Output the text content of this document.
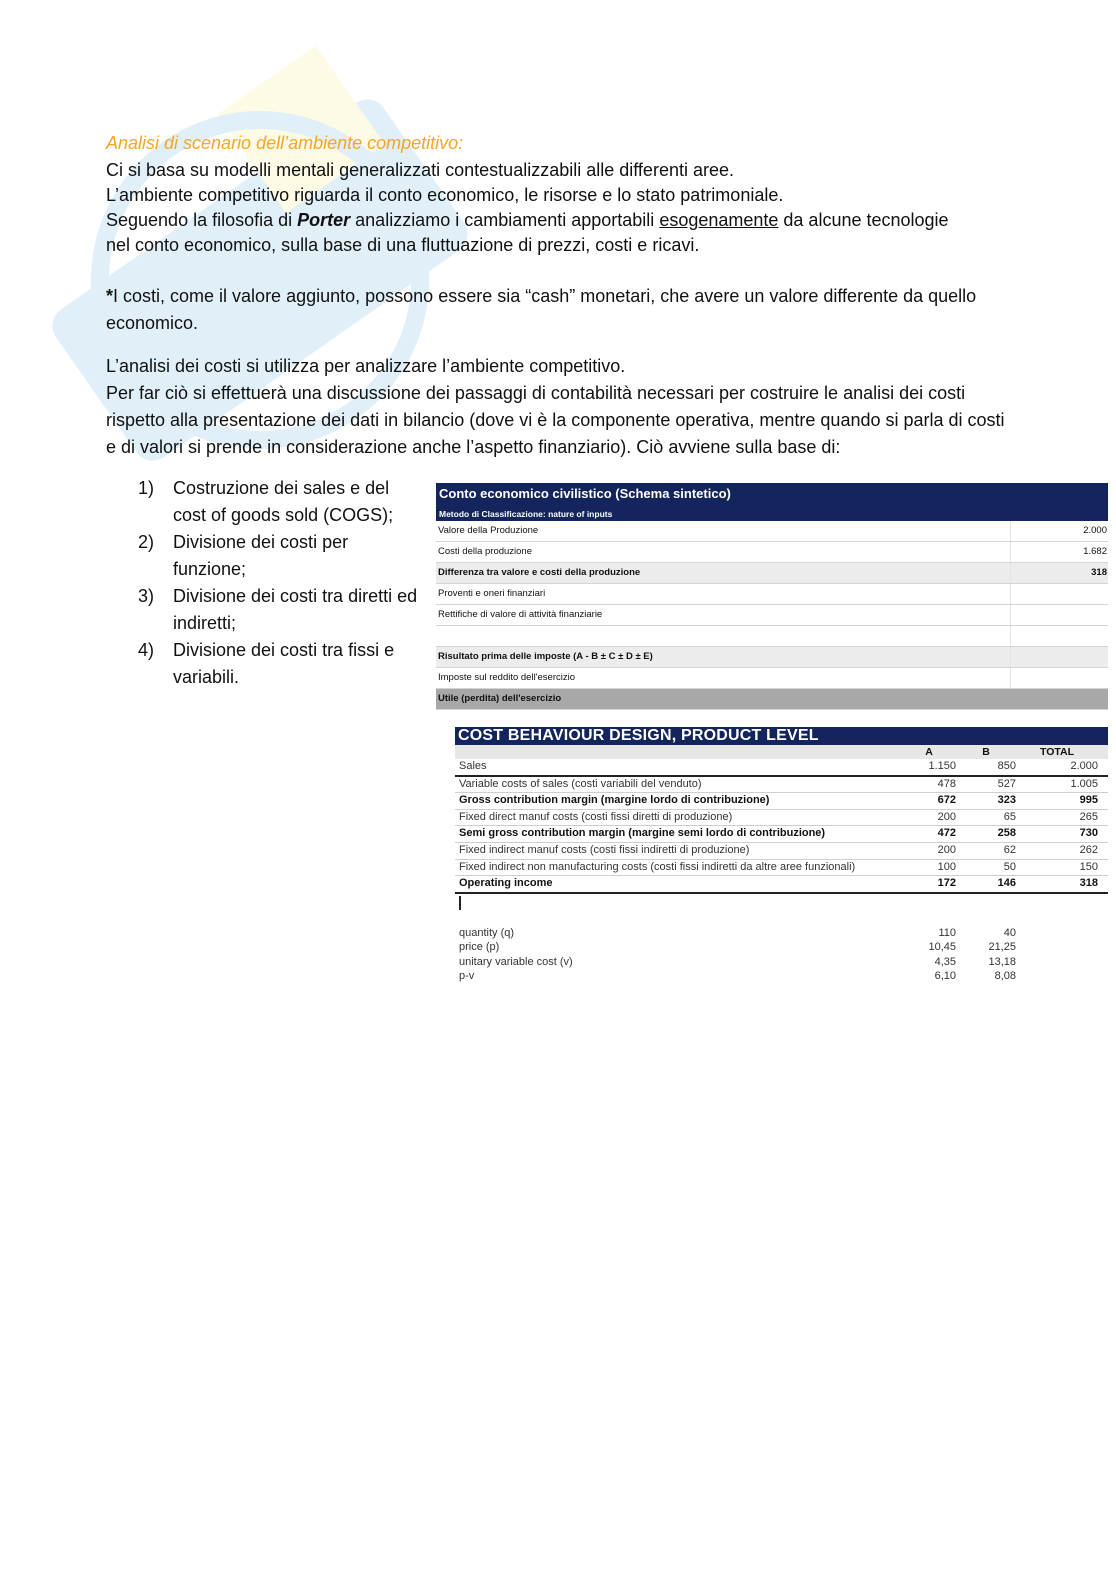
Analisi di scenario dell’ambiente competitivo:
Ci si basa su modelli mentali generalizzati contestualizzabili alle differenti aree.
L’ambiente competitivo riguarda il conto economico, le risorse e lo stato patrimoniale.
Seguendo la filosofia di Porter analizziamo i cambiamenti apportabili esogenamente da alcune tecnologie
nel conto economico, sulla base di una fluttuazione di prezzi, costi e ricavi.
*I costi, come il valore aggiunto, possono essere sia “cash” monetari, che avere un valore differente da quello economico.
L’analisi dei costi si utilizza per analizzare l’ambiente competitivo.
Per far ciò si effettuerà una discussione dei passaggi di contabilità necessari per costruire le analisi dei costi rispetto alla presentazione dei dati in bilancio (dove vi è la componente operativa, mentre quando si parla di costi e di valori si prende in considerazione anche l’aspetto finanziario). Ciò avviene sulla base di:
1)	Costruzione dei sales e del cost of goods sold (COGS);
2)	Divisione dei costi per funzione;
3)	Divisione dei costi tra diretti ed indiretti;
4)	Divisione dei costi tra fissi e variabili.
Conto economico civilistico (Schema sintetico)
Metodo di Classificazione: nature of inputs
Valore della Produzione	2.000
Costi della produzione	1.682
Differenza tra valore e costi della produzione	318
Proventi e oneri finanziari
Rettifiche di valore di attività finanziarie
Risultato prima delle imposte (A - B ± C ± D ± E)
Imposte sul reddito dell'esercizio
Utile (perdita) dell'esercizio
COST BEHAVIOUR DESIGN, PRODUCT LEVEL
A	B	TOTAL
Sales	1.150	850	2.000
Variable costs of sales (costi variabili del venduto)	478	527	1.005
Gross contribution margin (margine lordo di contribuzione)	672	323	995
Fixed direct manuf costs (costi fissi diretti di produzione)	200	65	265
Semi gross contribution margin (margine semi lordo di contribuzione)	472	258	730
Fixed indirect manuf costs (costi fissi indiretti di produzione)	200	62	262
Fixed indirect non manufacturing costs (costi fissi indiretti da altre aree funzionali)	100	50	150
Operating income	172	146	318
quantity (q)	110	40
price (p)	10,45	21,25
unitary variable cost (v)	4,35	13,18
p-v	6,10	8,08
